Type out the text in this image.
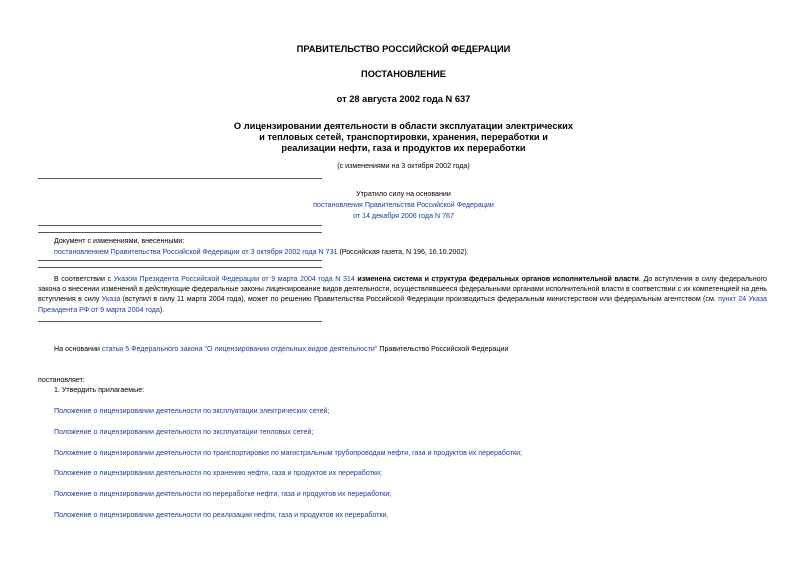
ПРАВИТЕЛЬСТВО РОССИЙСКОЙ ФЕДЕРАЦИИ
ПОСТАНОВЛЕНИЕ
от 28 августа 2002 года N 637
О лицензировании деятельности в области эксплуатации электрических
и тепловых сетей, транспортировки, хранения, переработки и
реализации нефти, газа и продуктов их переработки
(с изменениями на 3 октября 2002 года)
Утратило силу на основании
постановления Правительства Российской Федерации
от 14 декабря 2006 года N 767
Документ с изменениями, внесенными:
постановлением Правительства Российской Федерации от 3 октября 2002 года N 731 (Российская газета, N 196, 16.10.2002).
В соответствии с Указом Президента Российской Федерации от 9 марта 2004 года N 314 изменена система и структура федеральных органов исполнительной власти. До вступления в силу федерального закона о внесении изменений в действующие федеральные законы лицензирование видов деятельности, осуществлявшееся федеральными органами исполнительной власти в соответствии с их компетенцией на день вступления в силу Указа (вступил в силу 11 марта 2004 года), может по решению Правительства Российской Федерации производиться федеральным министерством или федеральным агентством (см. пункт 24 Указа Президента РФ от 9 марта 2004 года).
На основании статьи 5 Федерального закона "О лицензировании отдельных видов деятельности" Правительство Российской Федерации
постановляет:
1. Утвердить прилагаемые:
Положение о лицензировании деятельности по эксплуатации электрических сетей;
Положение о лицензировании деятельности по эксплуатации тепловых сетей;
Положение о лицензировании деятельности по транспортировке по магистральным трубопроводам нефти, газа и продуктов их переработки;
Положение о лицензировании деятельности по хранению нефти, газа и продуктов их переработки;
Положение о лицензировании деятельности по переработке нефти, газа и продуктов их переработки;
Положение о лицензировании деятельности по реализации нефти, газа и продуктов их переработки.
